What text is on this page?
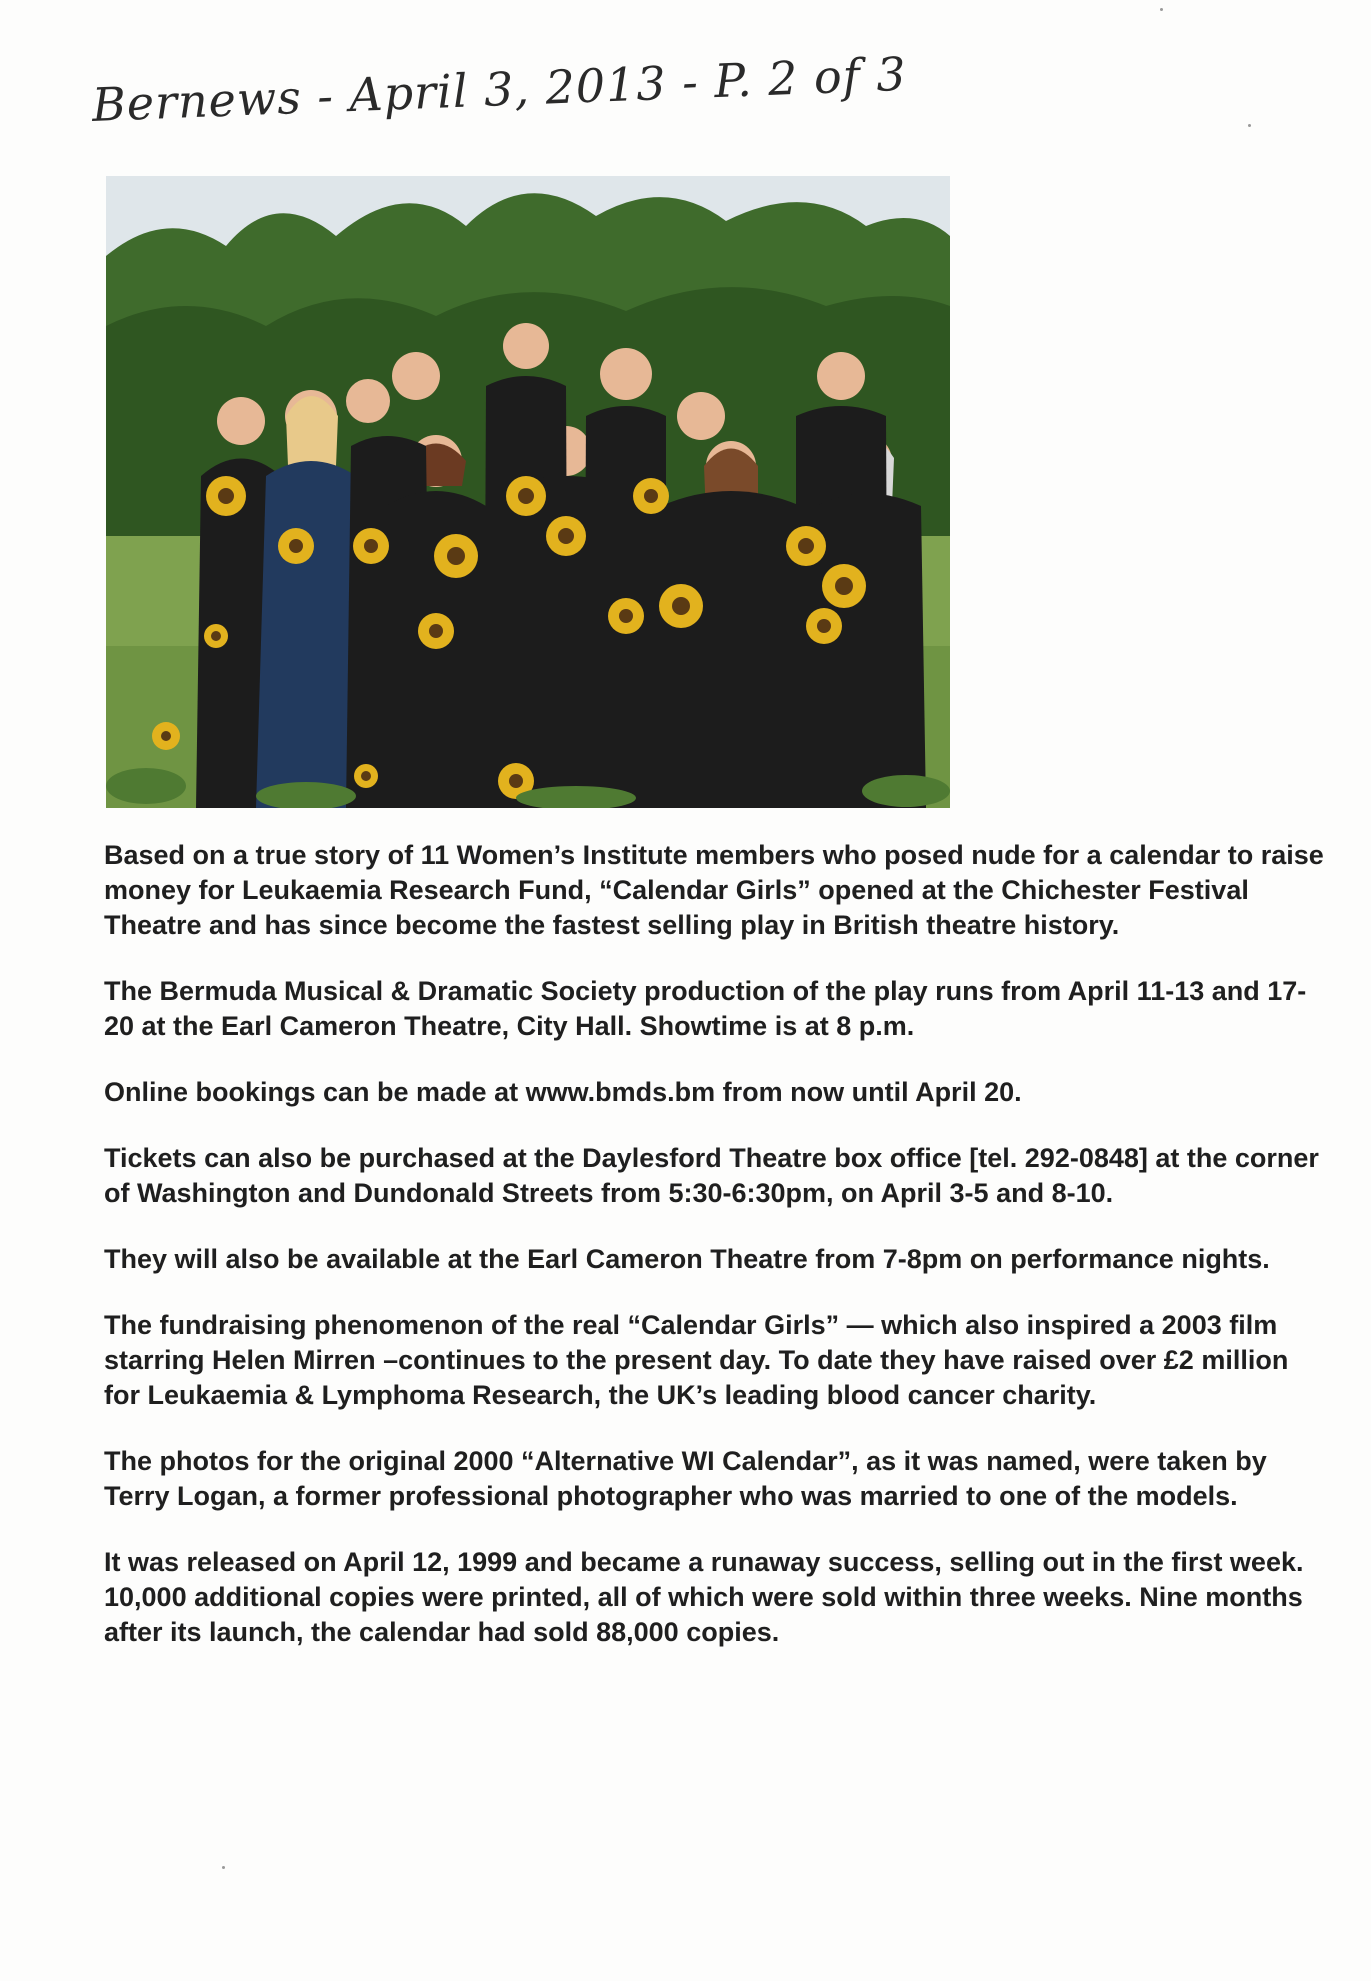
Bernews - April 3, 2013 - P. 2 of 3

Based on a true story of 11 Women’s Institute members who posed nude for a calendar to raise money for Leukaemia Research Fund, “Calendar Girls” opened at the Chichester Festival Theatre and has since become the fastest selling play in British theatre history.

The Bermuda Musical & Dramatic Society production of the play runs from April 11-13 and 17-20 at the Earl Cameron Theatre, City Hall. Showtime is at 8 p.m.

Online bookings can be made at www.bmds.bm from now until April 20.

Tickets can also be purchased at the Daylesford Theatre box office [tel. 292-0848] at the corner of Washington and Dundonald Streets from 5:30-6:30pm, on April 3-5 and 8-10.

They will also be available at the Earl Cameron Theatre from 7-8pm on performance nights.

The fundraising phenomenon of the real “Calendar Girls” — which also inspired a 2003 film starring Helen Mirren –continues to the present day. To date they have raised over £2 million for Leukaemia & Lymphoma Research, the UK’s leading blood cancer charity.

The photos for the original 2000 “Alternative WI Calendar”, as it was named, were taken by Terry Logan, a former professional photographer who was married to one of the models.

It was released on April 12, 1999 and became a runaway success, selling out in the first week. 10,000 additional copies were printed, all of which were sold within three weeks. Nine months after its launch, the calendar had sold 88,000 copies.
